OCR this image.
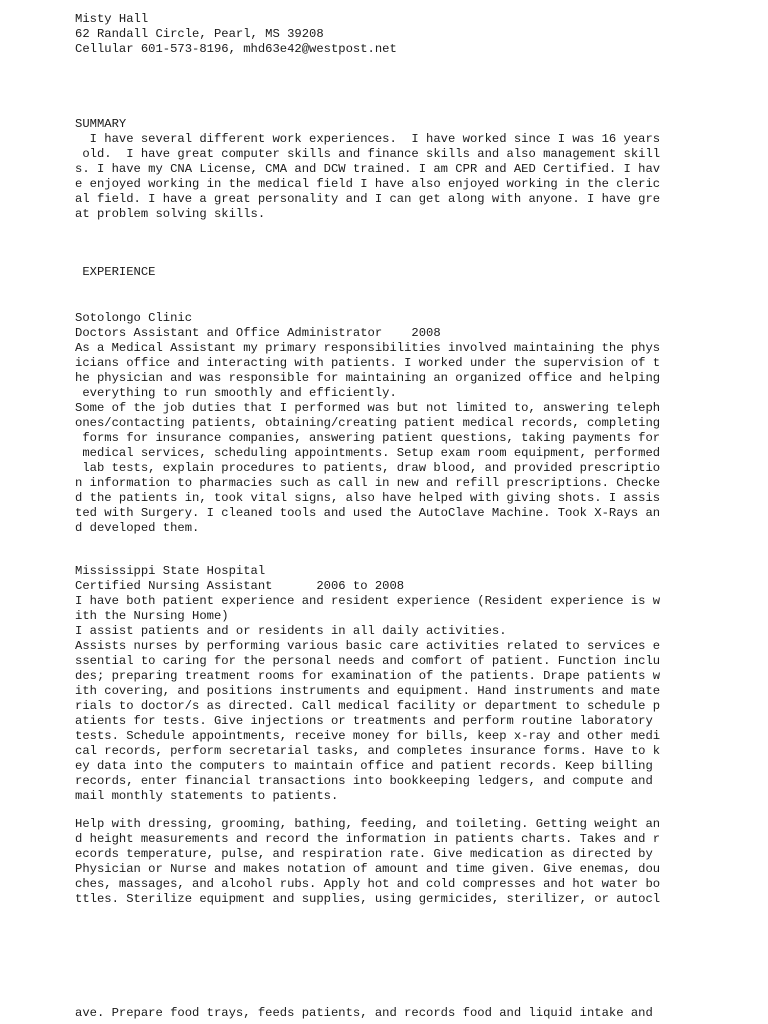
Misty Hall

62 Randall Circle, Pearl, MS 39208

Cellular 601-573-8196, mhd63e42@westpost.net

SUMMARY

I have several different work experiences.  I have worked since I was 16 years

old.  I have great computer skills and finance skills and also management skill

s. I have my CNA License, CMA and DCW trained. I am CPR and AED Certified. I hav

e enjoyed working in the medical field I have also enjoyed working in the cleric

al field. I have a great personality and I can get along with anyone. I have gre

at problem solving skills.

EXPERIENCE

Sotolongo Clinic

Doctors Assistant and Office Administrator    2008

As a Medical Assistant my primary responsibilities involved maintaining the phys

icians office and interacting with patients. I worked under the supervision of t

he physician and was responsible for maintaining an organized office and helping

everything to run smoothly and efficiently.

Some of the job duties that I performed was but not limited to, answering teleph

ones/contacting patients, obtaining/creating patient medical records, completing

forms for insurance companies, answering patient questions, taking payments for

medical services, scheduling appointments. Setup exam room equipment, performed

lab tests, explain procedures to patients, draw blood, and provided prescriptio

n information to pharmacies such as call in new and refill prescriptions. Checke

d the patients in, took vital signs, also have helped with giving shots. I assis

ted with Surgery. I cleaned tools and used the AutoClave Machine. Took X-Rays an

d developed them.

Mississippi State Hospital

Certified Nursing Assistant      2006 to 2008

I have both patient experience and resident experience (Resident experience is w

ith the Nursing Home)

I assist patients and or residents in all daily activities.

Assists nurses by performing various basic care activities related to services e

ssential to caring for the personal needs and comfort of patient. Function inclu

des; preparing treatment rooms for examination of the patients. Drape patients w

ith covering, and positions instruments and equipment. Hand instruments and mate

rials to doctor/s as directed. Call medical facility or department to schedule p

atients for tests. Give injections or treatments and perform routine laboratory

tests. Schedule appointments, receive money for bills, keep x-ray and other medi

cal records, perform secretarial tasks, and completes insurance forms. Have to k

ey data into the computers to maintain office and patient records. Keep billing

records, enter financial transactions into bookkeeping ledgers, and compute and

mail monthly statements to patients.

Help with dressing, grooming, bathing, feeding, and toileting. Getting weight an

d height measurements and record the information in patients charts. Takes and r

ecords temperature, pulse, and respiration rate. Give medication as directed by

Physician or Nurse and makes notation of amount and time given. Give enemas, dou

ches, massages, and alcohol rubs. Apply hot and cold compresses and hot water bo

ttles. Sterilize equipment and supplies, using germicides, sterilizer, or autocl

ave. Prepare food trays, feeds patients, and records food and liquid intake and
